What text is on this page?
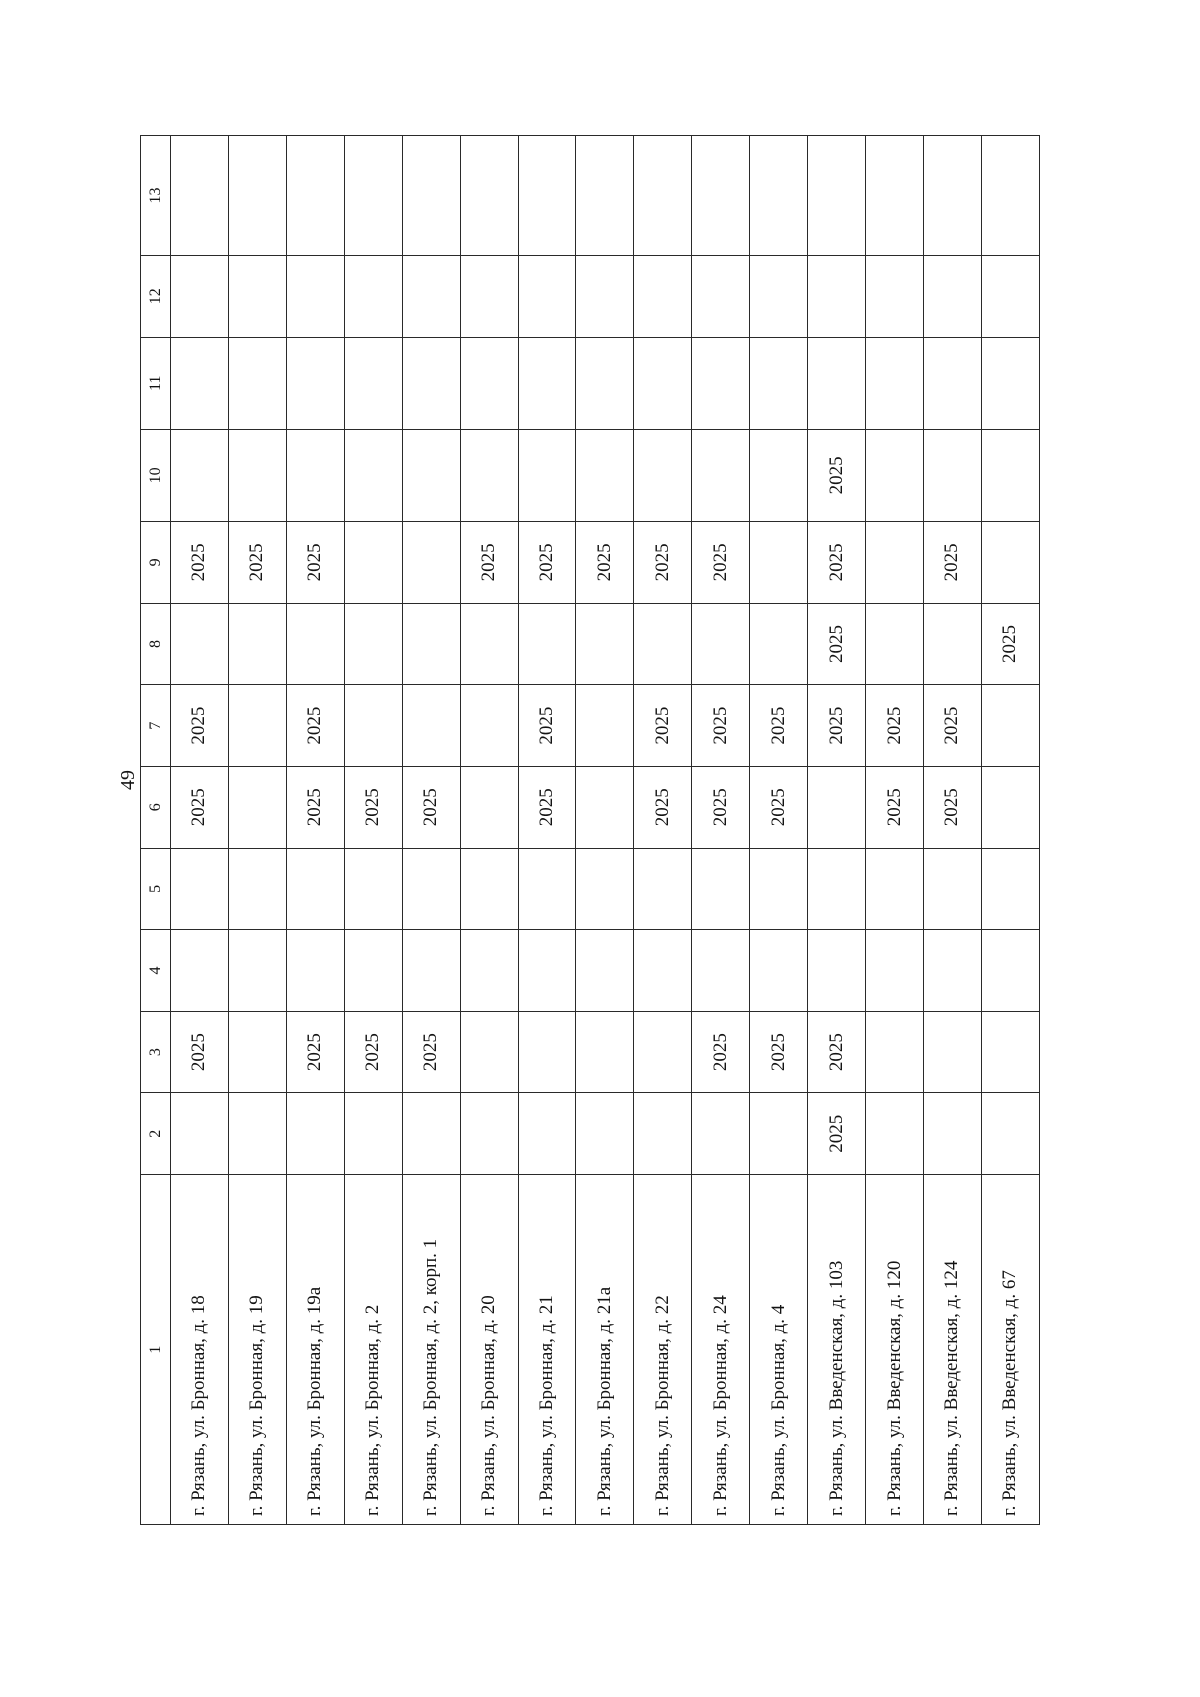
49
1	2	3	4	5	6	7	8	9	10	11	12	13
г. Рязань, ул. Бронная, д. 18		2025			2025	2025		2025				
г. Рязань, ул. Бронная, д. 19								2025				
г. Рязань, ул. Бронная, д. 19а		2025			2025	2025		2025				
г. Рязань, ул. Бронная, д. 2		2025			2025							
г. Рязань, ул. Бронная, д. 2, корп. 1		2025			2025							
г. Рязань, ул. Бронная, д. 20								2025				
г. Рязань, ул. Бронная, д. 21					2025	2025		2025				
г. Рязань, ул. Бронная, д. 21а								2025				
г. Рязань, ул. Бронная, д. 22					2025	2025		2025				
г. Рязань, ул. Бронная, д. 24		2025			2025	2025		2025				
г. Рязань, ул. Бронная, д. 4		2025			2025	2025						
г. Рязань, ул. Введенская, д. 103	2025	2025				2025	2025	2025	2025			
г. Рязань, ул. Введенская, д. 120					2025	2025						
г. Рязань, ул. Введенская, д. 124					2025	2025		2025				
г. Рязань, ул. Введенская, д. 67							2025					
